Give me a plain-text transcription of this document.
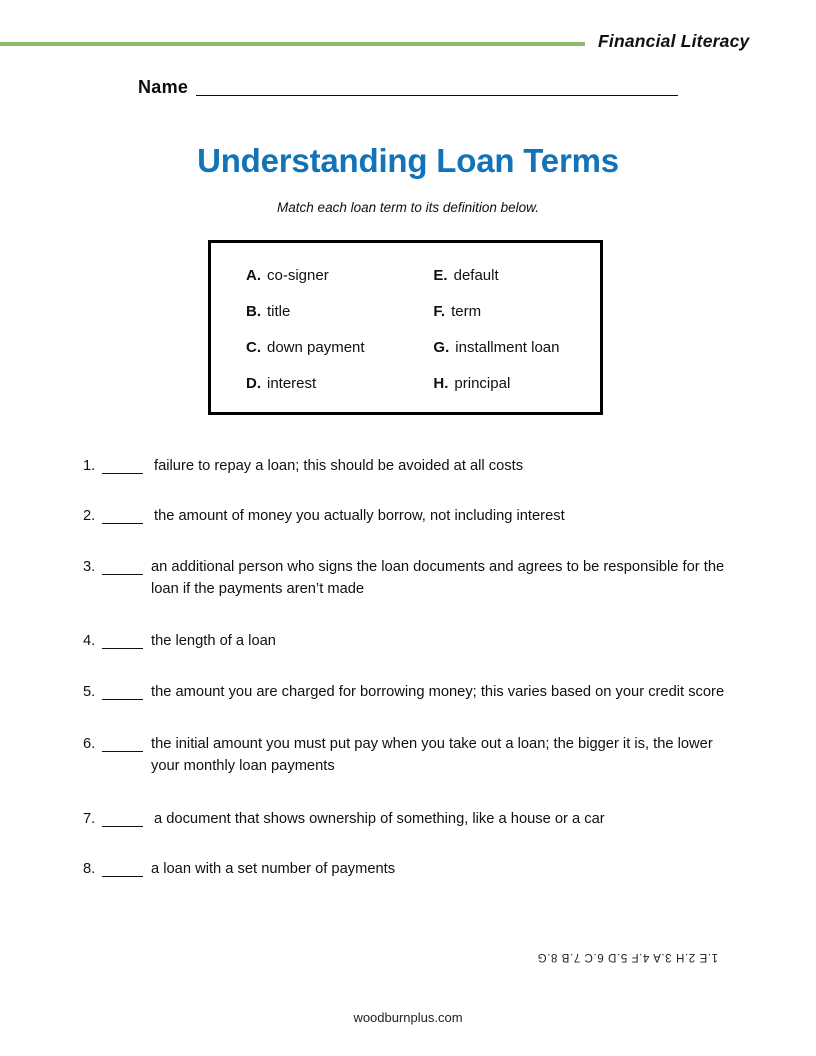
Financial Literacy
Name
Understanding Loan Terms
Match each loan term to its definition below.
A. co-signer
B. title
C. down payment
D. interest
E. default
F. term
G. installment loan
H. principal
1.	failure to repay a loan; this should be avoided at all costs
2.	the amount of money you actually borrow, not including interest
3.	an additional person who signs the loan documents and agrees to be responsible for the loan if the payments aren’t made
4.	the length of a loan
5.	the amount you are charged for borrowing money; this varies based on your credit score
6.	the initial amount you must put pay when you take out a loan; the bigger it is, the lower your monthly loan payments
7.	a document that shows ownership of something, like a house or a car
8.	a loan with a set number of payments
1.E 2.H 3.A 4.F 5.D 6.C 7.B 8.G
woodburnplus.com
